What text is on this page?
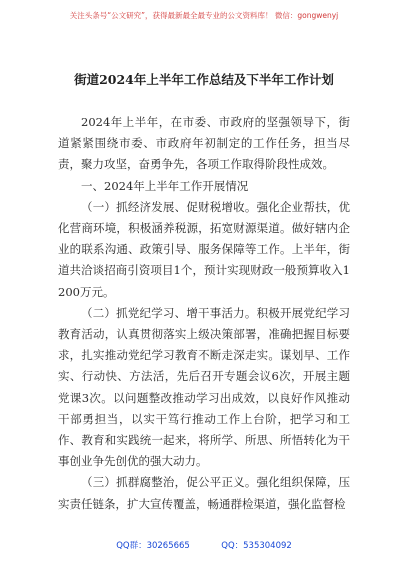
关注头条号“公文研究”，获得最新最全最专业的公文资料库！ 微信：gongwenyj
街道2024年上半年工作总结及下半年工作计划

2024年上半年，在市委、市政府的坚强领导下，街道紧紧围绕市委、市政府年初制定的工作任务，担当尽责，聚力攻坚，奋勇争先，各项工作取得阶段性成效。

一、2024年上半年工作开展情况

（一）抓经济发展、促财税增收。强化企业帮扶，优化营商环境，积极涵养税源，拓宽财源渠道。做好辖内企业的联系沟通、政策引导、服务保障等工作。上半年，街道共洽谈招商引资项目1个，预计实现财政一般预算收入1200万元。

（二）抓党纪学习、增干事活力。积极开展党纪学习教育活动，认真贯彻落实上级决策部署，准确把握目标要求，扎实推动党纪学习教育不断走深走实。谋划早、工作实、行动快、方法活，先后召开专题会议6次，开展主题党课3次。以问题整改推动学习出成效，以良好作风推动干部勇担当，以实干笃行推动工作上台阶，把学习和工作、教育和实践统一起来，将所学、所思、所悟转化为干事创业争先创优的强大动力。

（三）抓群腐整治，促公平正义。强化组织保障，压实责任链条，扩大宣传覆盖，畅通群检渠道，强化监督检

QQ群：30265665	QQ：535304092
